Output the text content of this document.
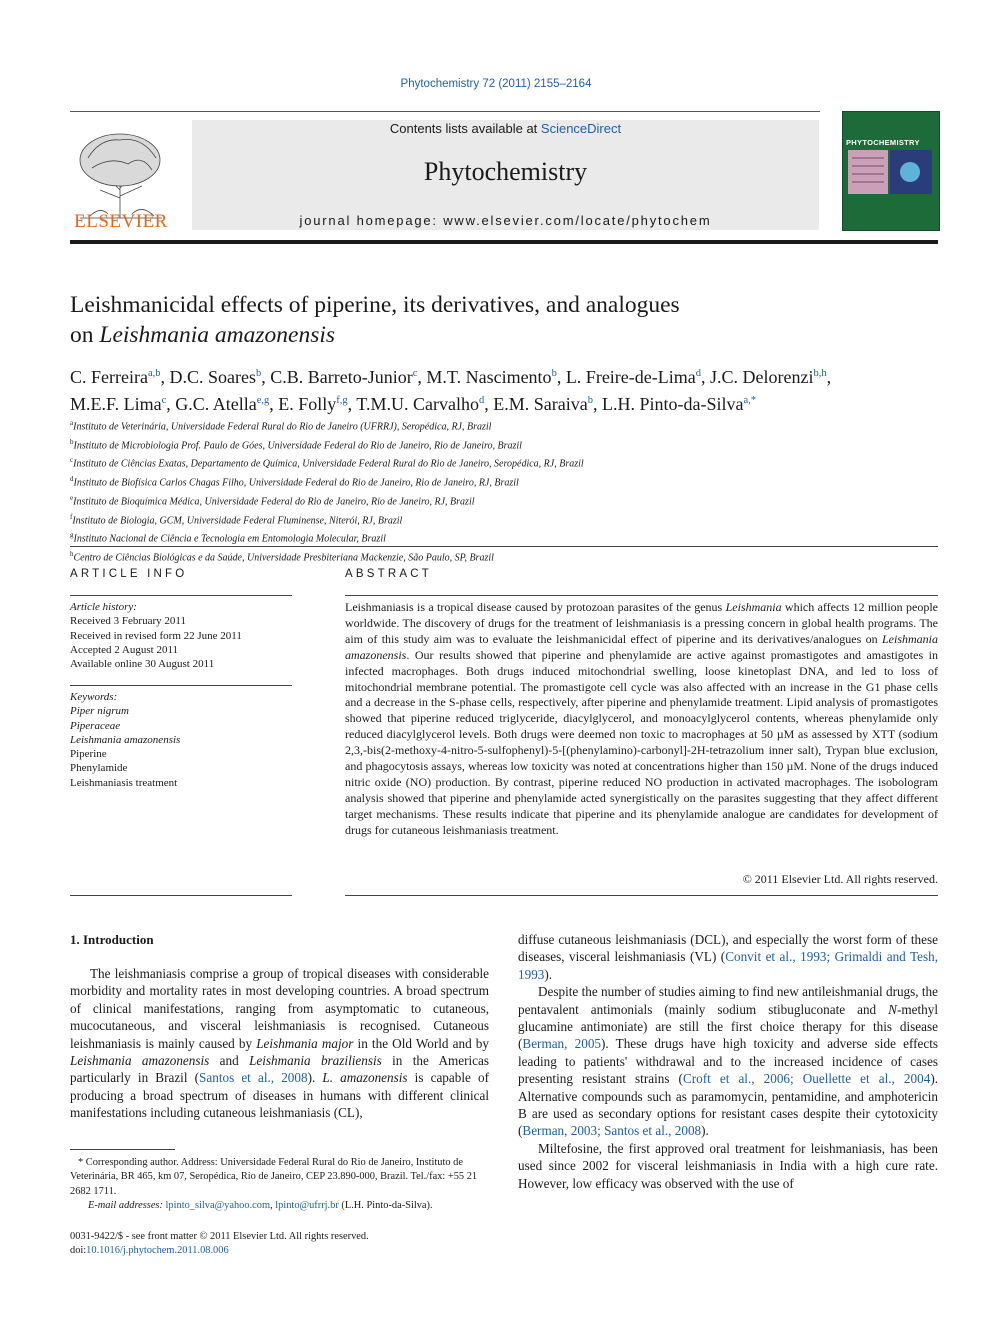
Phytochemistry 72 (2011) 2155–2164
ELSEVIER
Contents lists available at ScienceDirect
Phytochemistry
journal homepage: www.elsevier.com/locate/phytochem
PHYTOCHEMISTRY
Leishmanicidal effects of piperine, its derivatives, and analogues
on Leishmania amazonensis
C. Ferreira$^{a,b}$, D.C. Soares$^b$, C.B. Barreto-Junior$^c$, M.T. Nascimento$^b$, L. Freire-de-Lima$^d$, J.C. Delorenzi$^{b,h}$,
M.E.F. Lima$^c$, G.C. Atella$^{e,g}$, E. Folly$^{f,g}$, T.M.U. Carvalho$^d$, E.M. Saraiva$^b$, L.H. Pinto-da-Silva$^{a,*}$
$^a$Instituto de Veterinária, Universidade Federal Rural do Rio de Janeiro (UFRRJ), Seropédica, RJ, Brazil
$^b$Instituto de Microbiologia Prof. Paulo de Góes, Universidade Federal do Rio de Janeiro, Rio de Janeiro, Brazil
$^c$Instituto de Ciências Exatas, Departamento de Química, Universidade Federal Rural do Rio de Janeiro, Seropédica, RJ, Brazil
$^d$Instituto de Biofísica Carlos Chagas Filho, Universidade Federal do Rio de Janeiro, Rio de Janeiro, RJ, Brazil
$^e$Instituto de Bioquímica Médica, Universidade Federal do Rio de Janeiro, Rio de Janeiro, RJ, Brazil
$^f$Instituto de Biologia, GCM, Universidade Federal Fluminense, Niterói, RJ, Brazil
$^g$Instituto Nacional de Ciência e Tecnologia em Entomologia Molecular, Brazil
$^h$Centro de Ciências Biológicas e da Saúde, Universidade Presbiteriana Mackenzie, São Paulo, SP, Brazil
ARTICLE INFO
Article history:
Received 3 February 2011
Received in revised form 22 June 2011
Accepted 2 August 2011
Available online 30 August 2011
Keywords:
Piper nigrum
Piperaceae
Leishmania amazonensis
Piperine
Phenylamide
Leishmaniasis treatment
ABSTRACT
Leishmaniasis is a tropical disease caused by protozoan parasites of the genus Leishmania which affects 12 million people worldwide. The discovery of drugs for the treatment of leishmaniasis is a pressing concern in global health programs. The aim of this study aim was to evaluate the leishmanicidal effect of piperine and its derivatives/analogues on Leishmania amazonensis. Our results showed that piperine and phenylamide are active against promastigotes and amastigotes in infected macrophages. Both drugs induced mitochondrial swelling, loose kinetoplast DNA, and led to loss of mitochondrial membrane potential. The promastigote cell cycle was also affected with an increase in the G1 phase cells and a decrease in the S-phase cells, respectively, after piperine and phenylamide treatment. Lipid analysis of promastigotes showed that piperine reduced triglyceride, diacylglycerol, and monoacylglycerol contents, whereas phenylamide only reduced diacylglycerol levels. Both drugs were deemed non toxic to macrophages at 50 µM as assessed by XTT (sodium 2,3,-bis(2-methoxy-4-nitro-5-sulfophenyl)-5-[(phenylamino)-carbonyl]-2H-tetrazolium inner salt), Trypan blue exclusion, and phagocytosis assays, whereas low toxicity was noted at concentrations higher than 150 µM. None of the drugs induced nitric oxide (NO) production. By contrast, piperine reduced NO production in activated macrophages. The isobologram analysis showed that piperine and phenylamide acted synergistically on the parasites suggesting that they affect different target mechanisms. These results indicate that piperine and its phenylamide analogue are candidates for development of drugs for cutaneous leishmaniasis treatment.
© 2011 Elsevier Ltd. All rights reserved.
1. Introduction

The leishmaniasis comprise a group of tropical diseases with considerable morbidity and mortality rates in most developing countries. A broad spectrum of clinical manifestations, ranging from asymptomatic to cutaneous, mucocutaneous, and visceral leishmaniasis is recognised. Cutaneous leishmaniasis is mainly caused by Leishmania major in the Old World and by Leishmania amazonensis and Leishmania braziliensis in the Americas particularly in Brazil (Santos et al., 2008). L. amazonensis is capable of producing a broad spectrum of diseases in humans with different clinical manifestations including cutaneous leishmaniasis (CL),

diffuse cutaneous leishmaniasis (DCL), and especially the worst form of these diseases, visceral leishmaniasis (VL) (Convit et al., 1993; Grimaldi and Tesh, 1993).

Despite the number of studies aiming to find new antileishmanial drugs, the pentavalent antimonials (mainly sodium stibugluconate and N-methyl glucamine antimoniate) are still the first choice therapy for this disease (Berman, 2005). These drugs have high toxicity and adverse side effects leading to patients' withdrawal and to the increased incidence of cases presenting resistant strains (Croft et al., 2006; Ouellette et al., 2004). Alternative compounds such as paramomycin, pentamidine, and amphotericin B are used as secondary options for resistant cases despite their cytotoxicity (Berman, 2003; Santos et al., 2008).

Miltefosine, the first approved oral treatment for leishmaniasis, has been used since 2002 for visceral leishmaniasis in India with a high cure rate. However, low efficacy was observed with the use of

* Corresponding author. Address: Universidade Federal Rural do Rio de Janeiro, Instituto de Veterinária, BR 465, km 07, Seropédica, Rio de Janeiro, CEP 23.890-000, Brazil. Tel./fax: +55 21 2682 1711.
E-mail addresses: lpinto_silva@yahoo.com, lpinto@ufrrj.br (L.H. Pinto-da-Silva).
0031-9422/$ - see front matter © 2011 Elsevier Ltd. All rights reserved.
doi:10.1016/j.phytochem.2011.08.006
